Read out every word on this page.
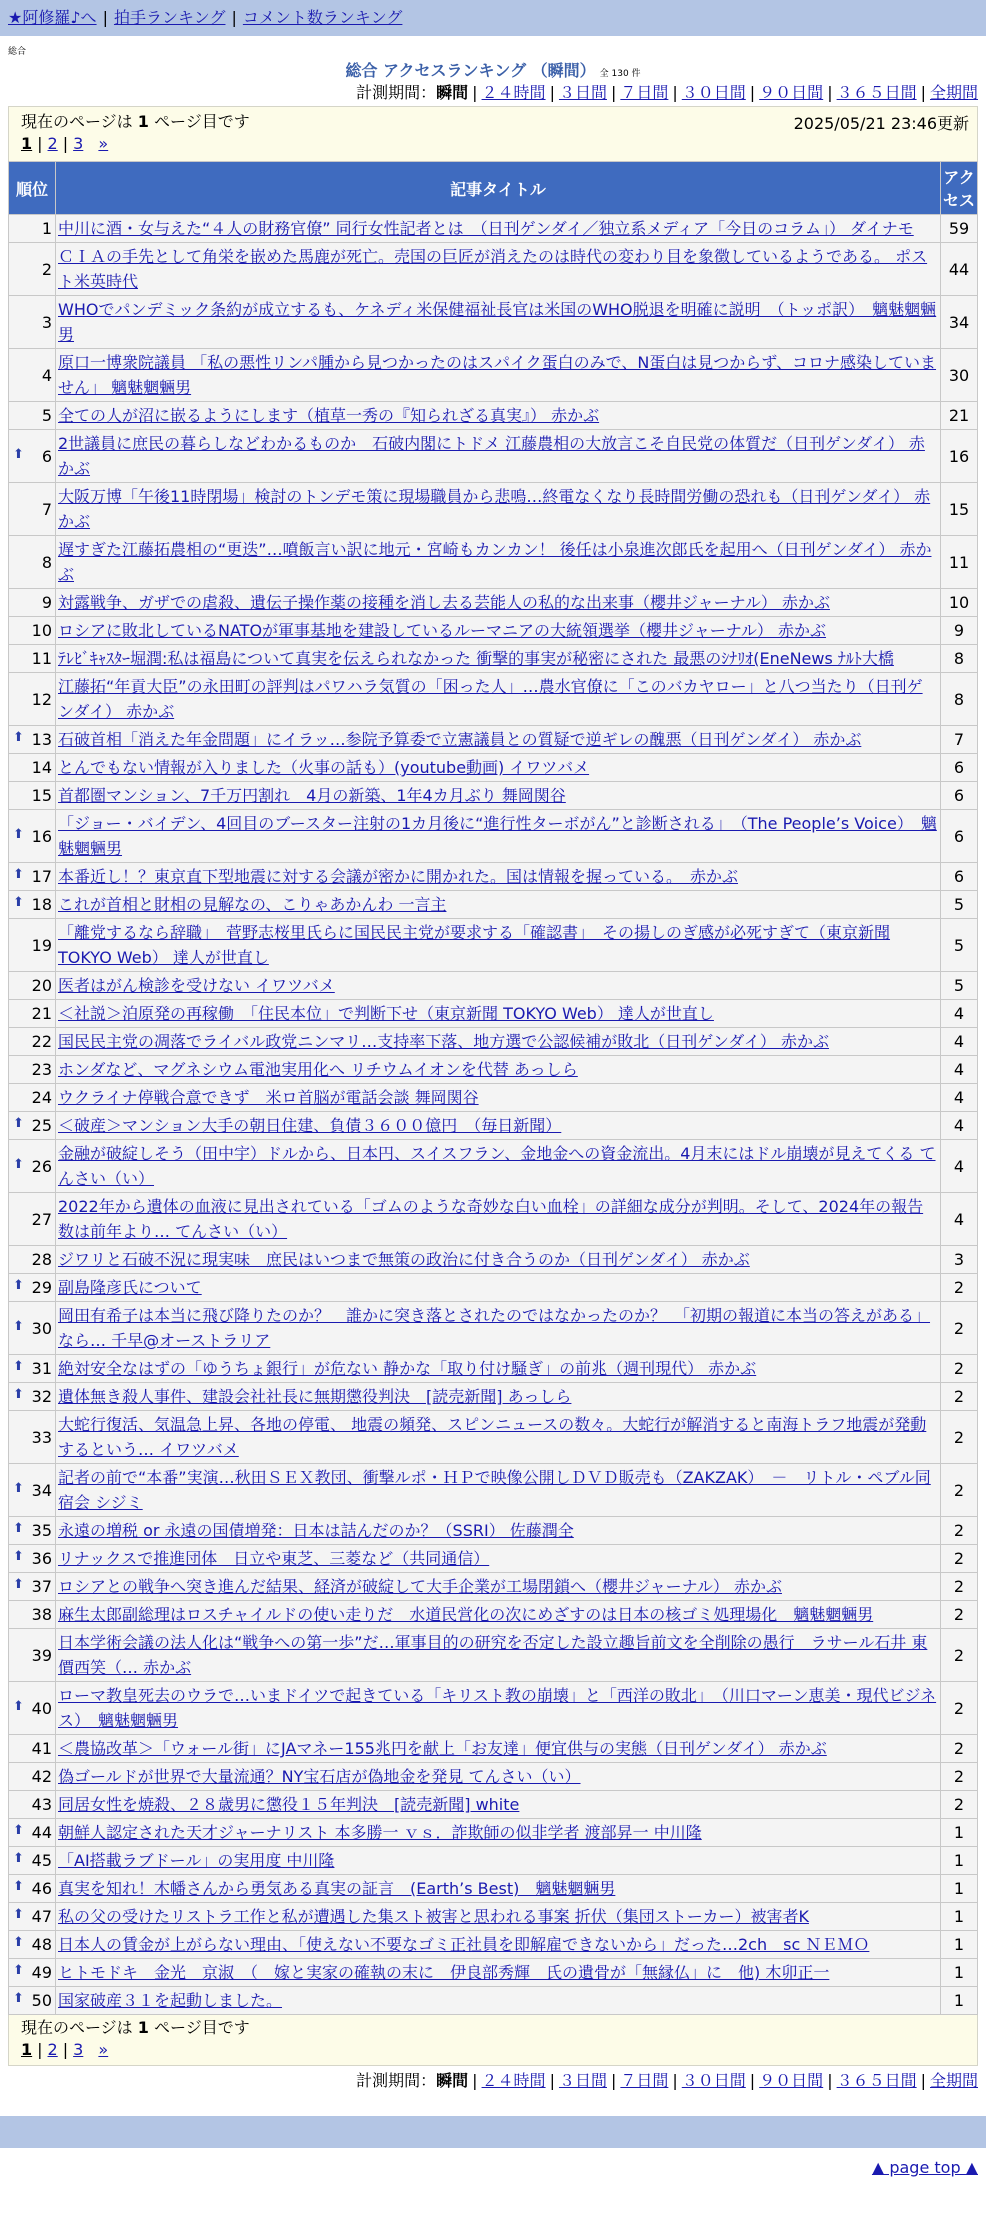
★阿修羅♪へ | 拍手ランキング | コメント数ランキング
総合
総合 アクセスランキング （瞬間） 全 130 件
計測期間：瞬間 | ２４時間 | ３日間 | ７日間 | ３０日間 | ９０日間 | ３６５日間 | 全期間
現在のページは 1 ページ目です	2025/05/21 23:46更新
1 | 2 | 3 »
順位	記事タイトル	アクセス
1	中川に酒・女与えた“４人の財務官僚” 同行女性記者とは　（日刊ゲンダイ／独立系メディア「今日のコラム」） ダイナモ	59
2	ＣＩＡの手先として角栄を嵌めた馬鹿が死亡。売国の巨匠が消えたのは時代の変わり目を象徴しているようである。 ポスト米英時代	44
3	WHOでパンデミック条約が成立するも、ケネディ米保健福祉長官は米国のWHO脱退を明確に説明　（トッポ訳）　魑魅魍魎男	34
4	原口一博衆院議員 「私の悪性リンパ腫から見つかったのはスパイク蛋白のみで、N蛋白は見つからず、コロナ感染していません」 魑魅魍魎男	30
5	全ての人が沼に嵌るようにします（植草一秀の『知られざる真実』） 赤かぶ	21

⬆ 6	2世議員に庶民の暮らしなどわかるものか　石破内閣にトドメ 江藤農相の大放言こそ自民党の体質だ（日刊ゲンダイ） 赤かぶ	16
7	大阪万博「午後11時閉場」検討のトンデモ策に現場職員から悲鳴…終電なくなり長時間労働の恐れも（日刊ゲンダイ） 赤かぶ	15
8	遅すぎた江藤拓農相の“更迭”…噴飯言い訳に地元・宮崎もカンカン！ 後任は小泉進次郎氏を起用へ（日刊ゲンダイ） 赤かぶ	11
9	対露戦争、ガザでの虐殺、遺伝子操作薬の接種を消し去る芸能人の私的な出来事（櫻井ジャーナル） 赤かぶ	10
10	ロシアに敗北しているNATOが軍事基地を建設しているルーマニアの大統領選挙（櫻井ジャーナル） 赤かぶ	9
11	ﾃﾚﾋﾞｷｬｽﾀｰ堀潤:私は福島について真実を伝えられなかった 衝撃的事実が秘密にされた 最悪のｼﾅﾘｵ(EneNews ﾅﾙﾄ大橋	8
12	江藤拓“年貢大臣”の永田町の評判はパワハラ気質の「困った人」…農水官僚に「このバカヤロー」と八つ当たり（日刊ゲンダイ） 赤かぶ	8

⬆ 13	石破首相「消えた年金問題」にイラッ…参院予算委で立憲議員との質疑で逆ギレの醜悪（日刊ゲンダイ） 赤かぶ	7
14	とんでもない情報が入りました（火事の話も）(youtube動画) イワツバメ	6
15	首都圏マンション、7千万円割れ　4月の新築、1年4カ月ぶり 舞岡関谷	6

⬆ 16	「ジョー・バイデン、4回目のブースター注射の1カ月後に“進行性ターボがん”と診断される」　（The People’s Voice）　魑魅魍魎男	6

⬆ 17	本番近し！？東京直下型地震に対する会議が密かに開かれた。国は情報を握っている。　赤かぶ	6

⬆ 18	これが首相と財相の見解なの、こりゃあかんわ 一言主	5
19	「離党するなら辞職」　菅野志桜里氏らに国民民主党が要求する「確認書」　その揚しのぎ感が必死すぎて（東京新聞 TOKYO Web） 達人が世直し	5
20	医者はがん検診を受けない イワツバメ	5
21	＜社説＞泊原発の再稼働　「住民本位」で判断下せ（東京新聞 TOKYO Web） 達人が世直し	4
22	国民民主党の凋落でライバル政党ニンマリ…支持率下落、地方選で公認候補が敗北（日刊ゲンダイ） 赤かぶ	4
23	ホンダなど、マグネシウム電池実用化へ リチウムイオンを代替 あっしら	4
24	ウクライナ停戦合意できず　米ロ首脳が電話会談 舞岡関谷	4

⬆ 25	＜破産＞マンション大手の朝日住建、負債３６００億円　（毎日新聞）	4

⬆ 26	金融が破綻しそう（田中宇）ドルから、日本円、スイスフラン、金地金への資金流出。4月末にはドル崩壊が見えてくる てんさい（い）	4
27	2022年から遺体の血液に見出されている「ゴムのような奇妙な白い血栓」の詳細な成分が判明。そして、2024年の報告数は前年より… てんさい（い）	4
28	ジワリと石破不況に現実味　庶民はいつまで無策の政治に付き合うのか（日刊ゲンダイ） 赤かぶ	3

⬆ 29	副島隆彦氏について	2

⬆ 30	岡田有希子は本当に飛び降りたのか？　誰かに突き落とされたのではなかったのか？　「初期の報道に本当の答えがある」なら… 千早@オーストラリア	2

⬆ 31	絶対安全なはずの「ゆうちょ銀行」が危ない 静かな「取り付け騒ぎ」の前兆（週刊現代） 赤かぶ	2

⬆ 32	遺体無き殺人事件、建設会社社長に無期懲役判決　[読売新聞] あっしら	2
33	大蛇行復活、気温急上昇、各地の停電、 地震の頻発、スピンニュースの数々。大蛇行が解消すると南海トラフ地震が発動するという… イワツバメ	2

⬆ 34	記者の前で“本番”実演…秋田ＳＥＸ教団、衝撃ルポ・ＨＰで映像公開しＤＶＤ販売も（ZAKZAK）　－　リトル・ペブル同宿会 シジミ	2

⬆ 35	永遠の増税 or 永遠の国債増発：日本は詰んだのか？（SSRI） 佐藤潤全	2

⬆ 36	リナックスで推進団体　日立や東芝、三菱など（共同通信）	2

⬆ 37	ロシアとの戦争へ突き進んだ結果、経済が破綻して大手企業が工場閉鎖へ（櫻井ジャーナル） 赤かぶ	2
38	麻生太郎副総理はロスチャイルドの使い走りだ　水道民営化の次にめざすのは日本の核ゴミ処理場化　魑魅魍魎男	2
39	日本学術会議の法人化は“戦争への第一歩”だ…軍事目的の研究を否定した設立趣旨前文を全削除の愚行　ラサール石井 東價西笑（… 赤かぶ	2

⬆ 40	ローマ教皇死去のウラで…いまドイツで起きている「キリスト教の崩壊」と「西洋の敗北」　（川口マーン恵美・現代ビジネス）　魑魅魍魎男	2
41	＜農協改革＞「ウォール街」にJAマネー155兆円を献上「お友達」便宜供与の実態（日刊ゲンダイ） 赤かぶ	2
42	偽ゴールドが世界で大量流通？NY宝石店が偽地金を発見 てんさい（い）	2
43	同居女性を焼殺、２８歳男に懲役１５年判決　[読売新聞] white	2

⬆ 44	朝鮮人認定された天才ジャーナリスト 本多勝一 ｖｓ．詐欺師の似非学者 渡部昇一 中川隆	1

⬆ 45	「AI搭載ラブドール」の実用度 中川隆	1

⬆ 46	真実を知れ！木幡さんから勇気ある真実の証言　(Earth’s Best)　魑魅魍魎男	1

⬆ 47	私の父の受けたリストラ工作と私が遭遇した集スト被害と思われる事案 折伏（集団ストーカー）被害者K	1

⬆ 48	日本人の賃金が上がらない理由、「使えない不要なゴミ正社員を即解雇できないから」だった…2ch　sc ＮＥＭＯ	1

⬆ 49	ヒトモドキ　金光　京淑　（　嫁と実家の確執の末に　伊良部秀輝　氏の遺骨が「無縁仏」に　他) 木卯正一	1

⬆ 50	国家破産３１を起動しました。	1
現在のページは 1 ページ目です
1 | 2 | 3 »
計測期間：瞬間 | ２４時間 | ３日間 | ７日間 | ３０日間 | ９０日間 | ３６５日間 | 全期間
▲ page top ▲
